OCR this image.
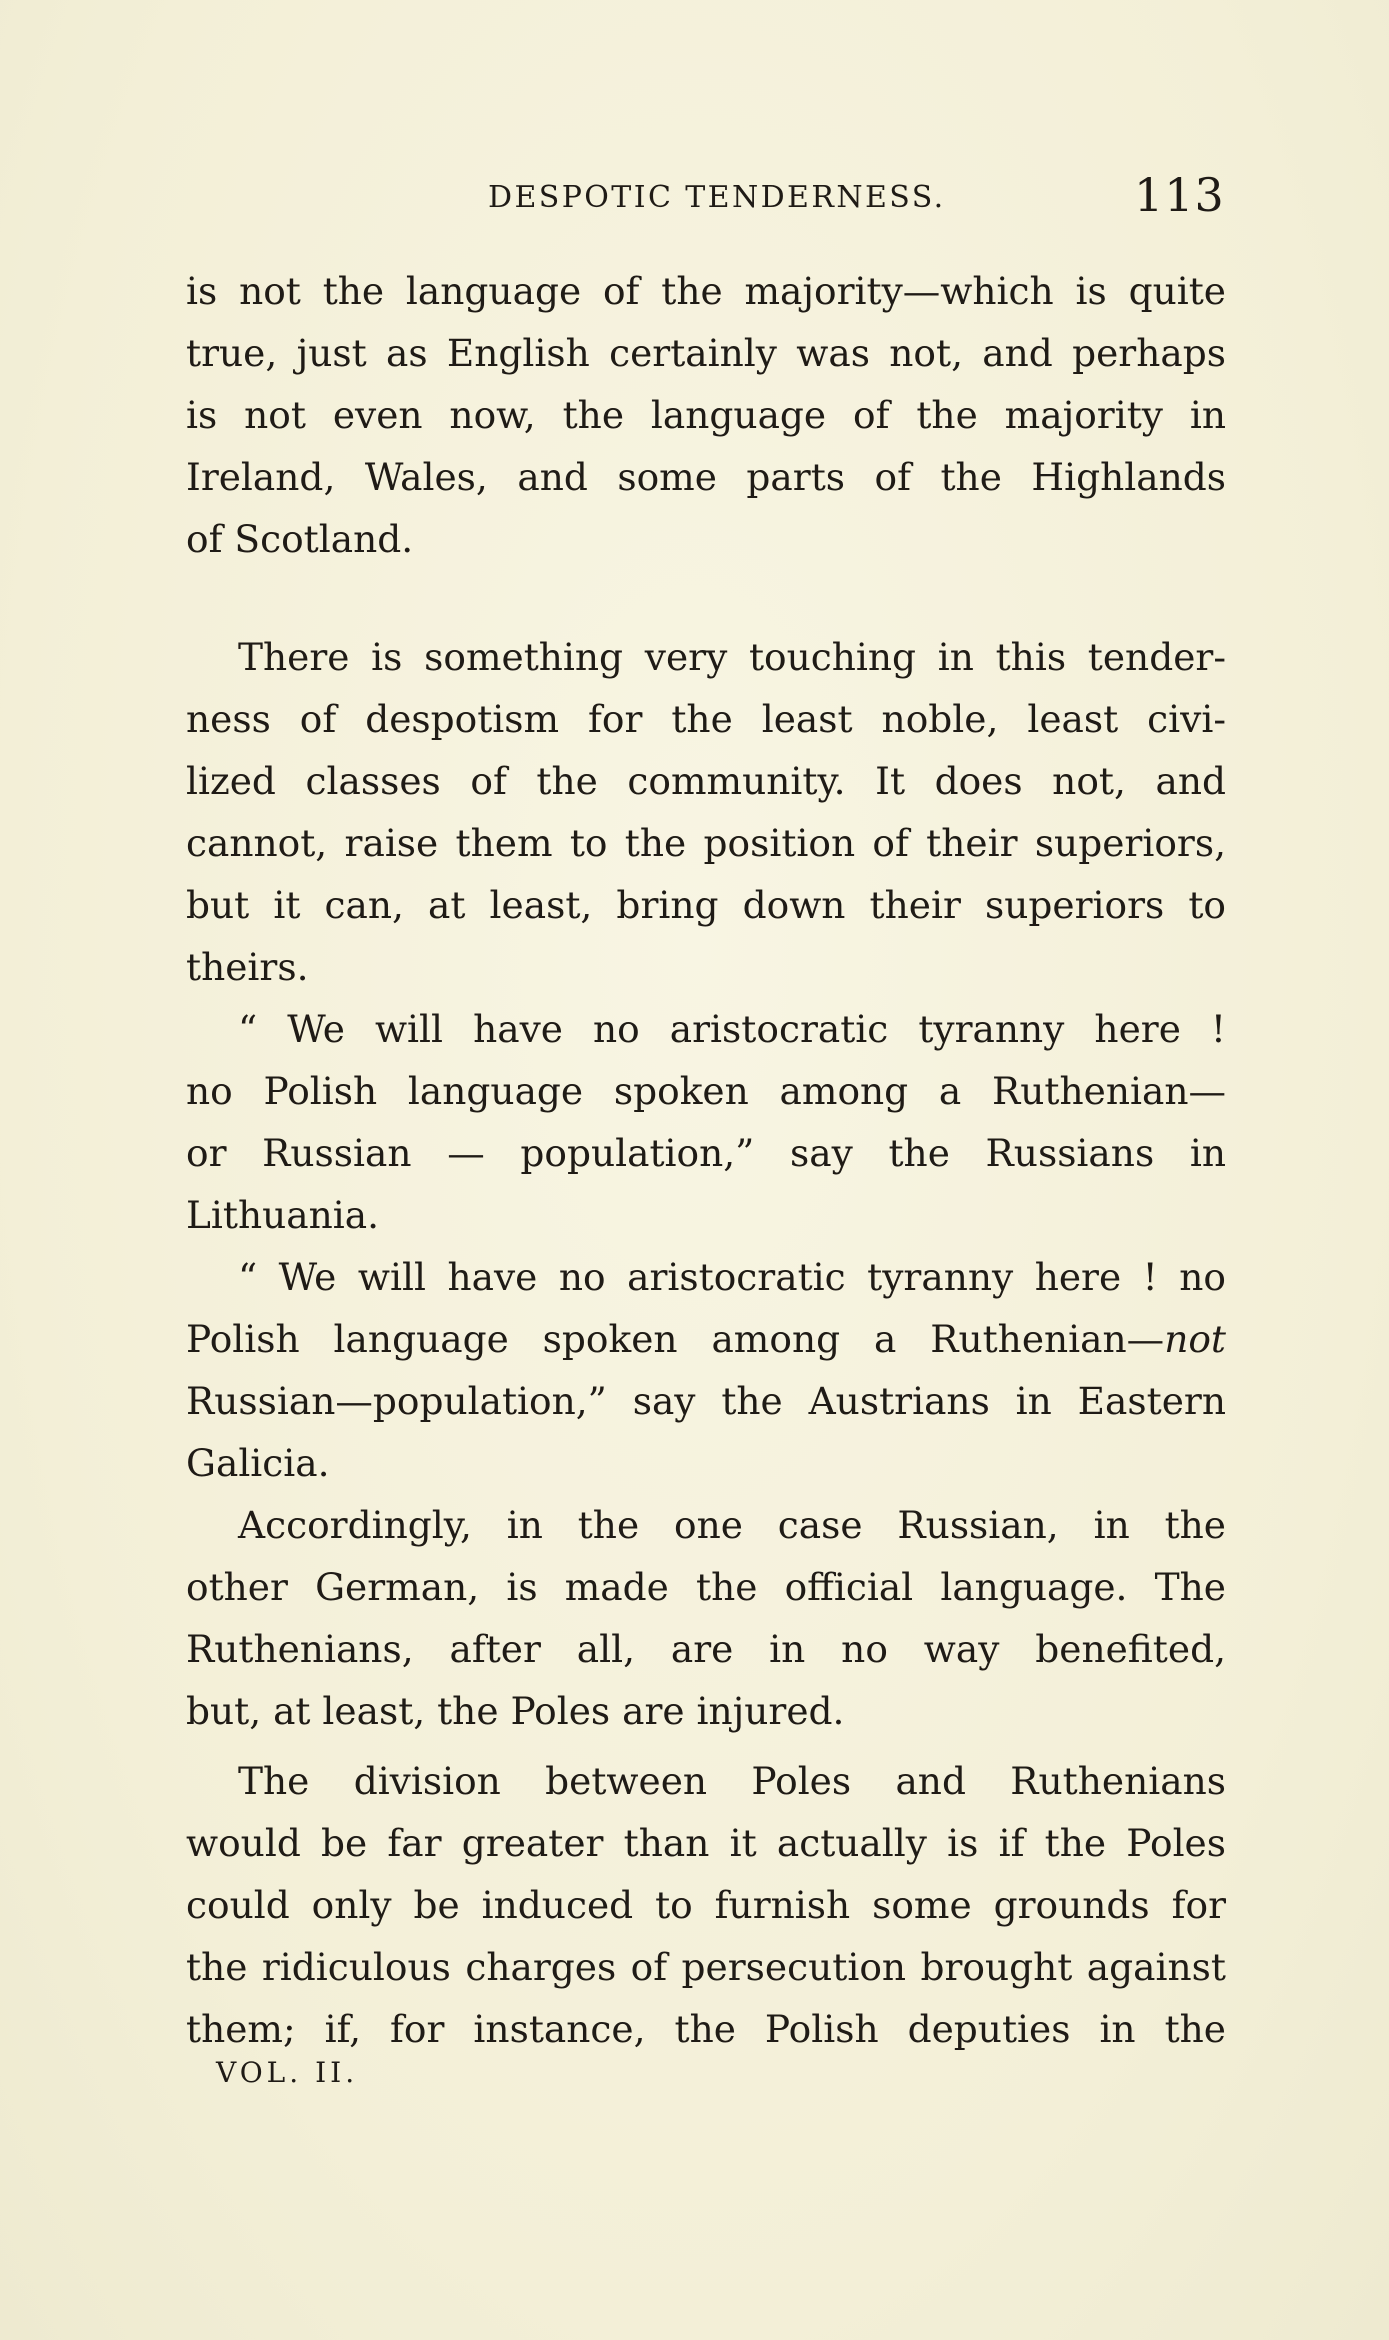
DESPOTIC TENDERNESS.	113
is not the language of the majority—which is quite
true, just as English certainly was not, and perhaps
is not even now, the language of the majority in
Ireland, Wales, and some parts of the Highlands
of Scotland.
There is something very touching in this tender-
ness of despotism for the least noble, least civi-
lized classes of the community. It does not, and
cannot, raise them to the position of their superiors,
but it can, at least, bring down their superiors to
theirs.
“ We will have no aristocratic tyranny here !
no Polish language spoken among a Ruthenian—
or Russian — population,” say the Russians in
Lithuania.
“ We will have no aristocratic tyranny here ! no
Polish language spoken among a Ruthenian—not
Russian—population,” say the Austrians in Eastern
Galicia.
Accordingly, in the one case Russian, in the
other German, is made the official language. The
Ruthenians, after all, are in no way benefited,
but, at least, the Poles are injured.
The division between Poles and Ruthenians
would be far greater than it actually is if the Poles
could only be induced to furnish some grounds for
the ridiculous charges of persecution brought against
them; if, for instance, the Polish deputies in the
VOL. II.
